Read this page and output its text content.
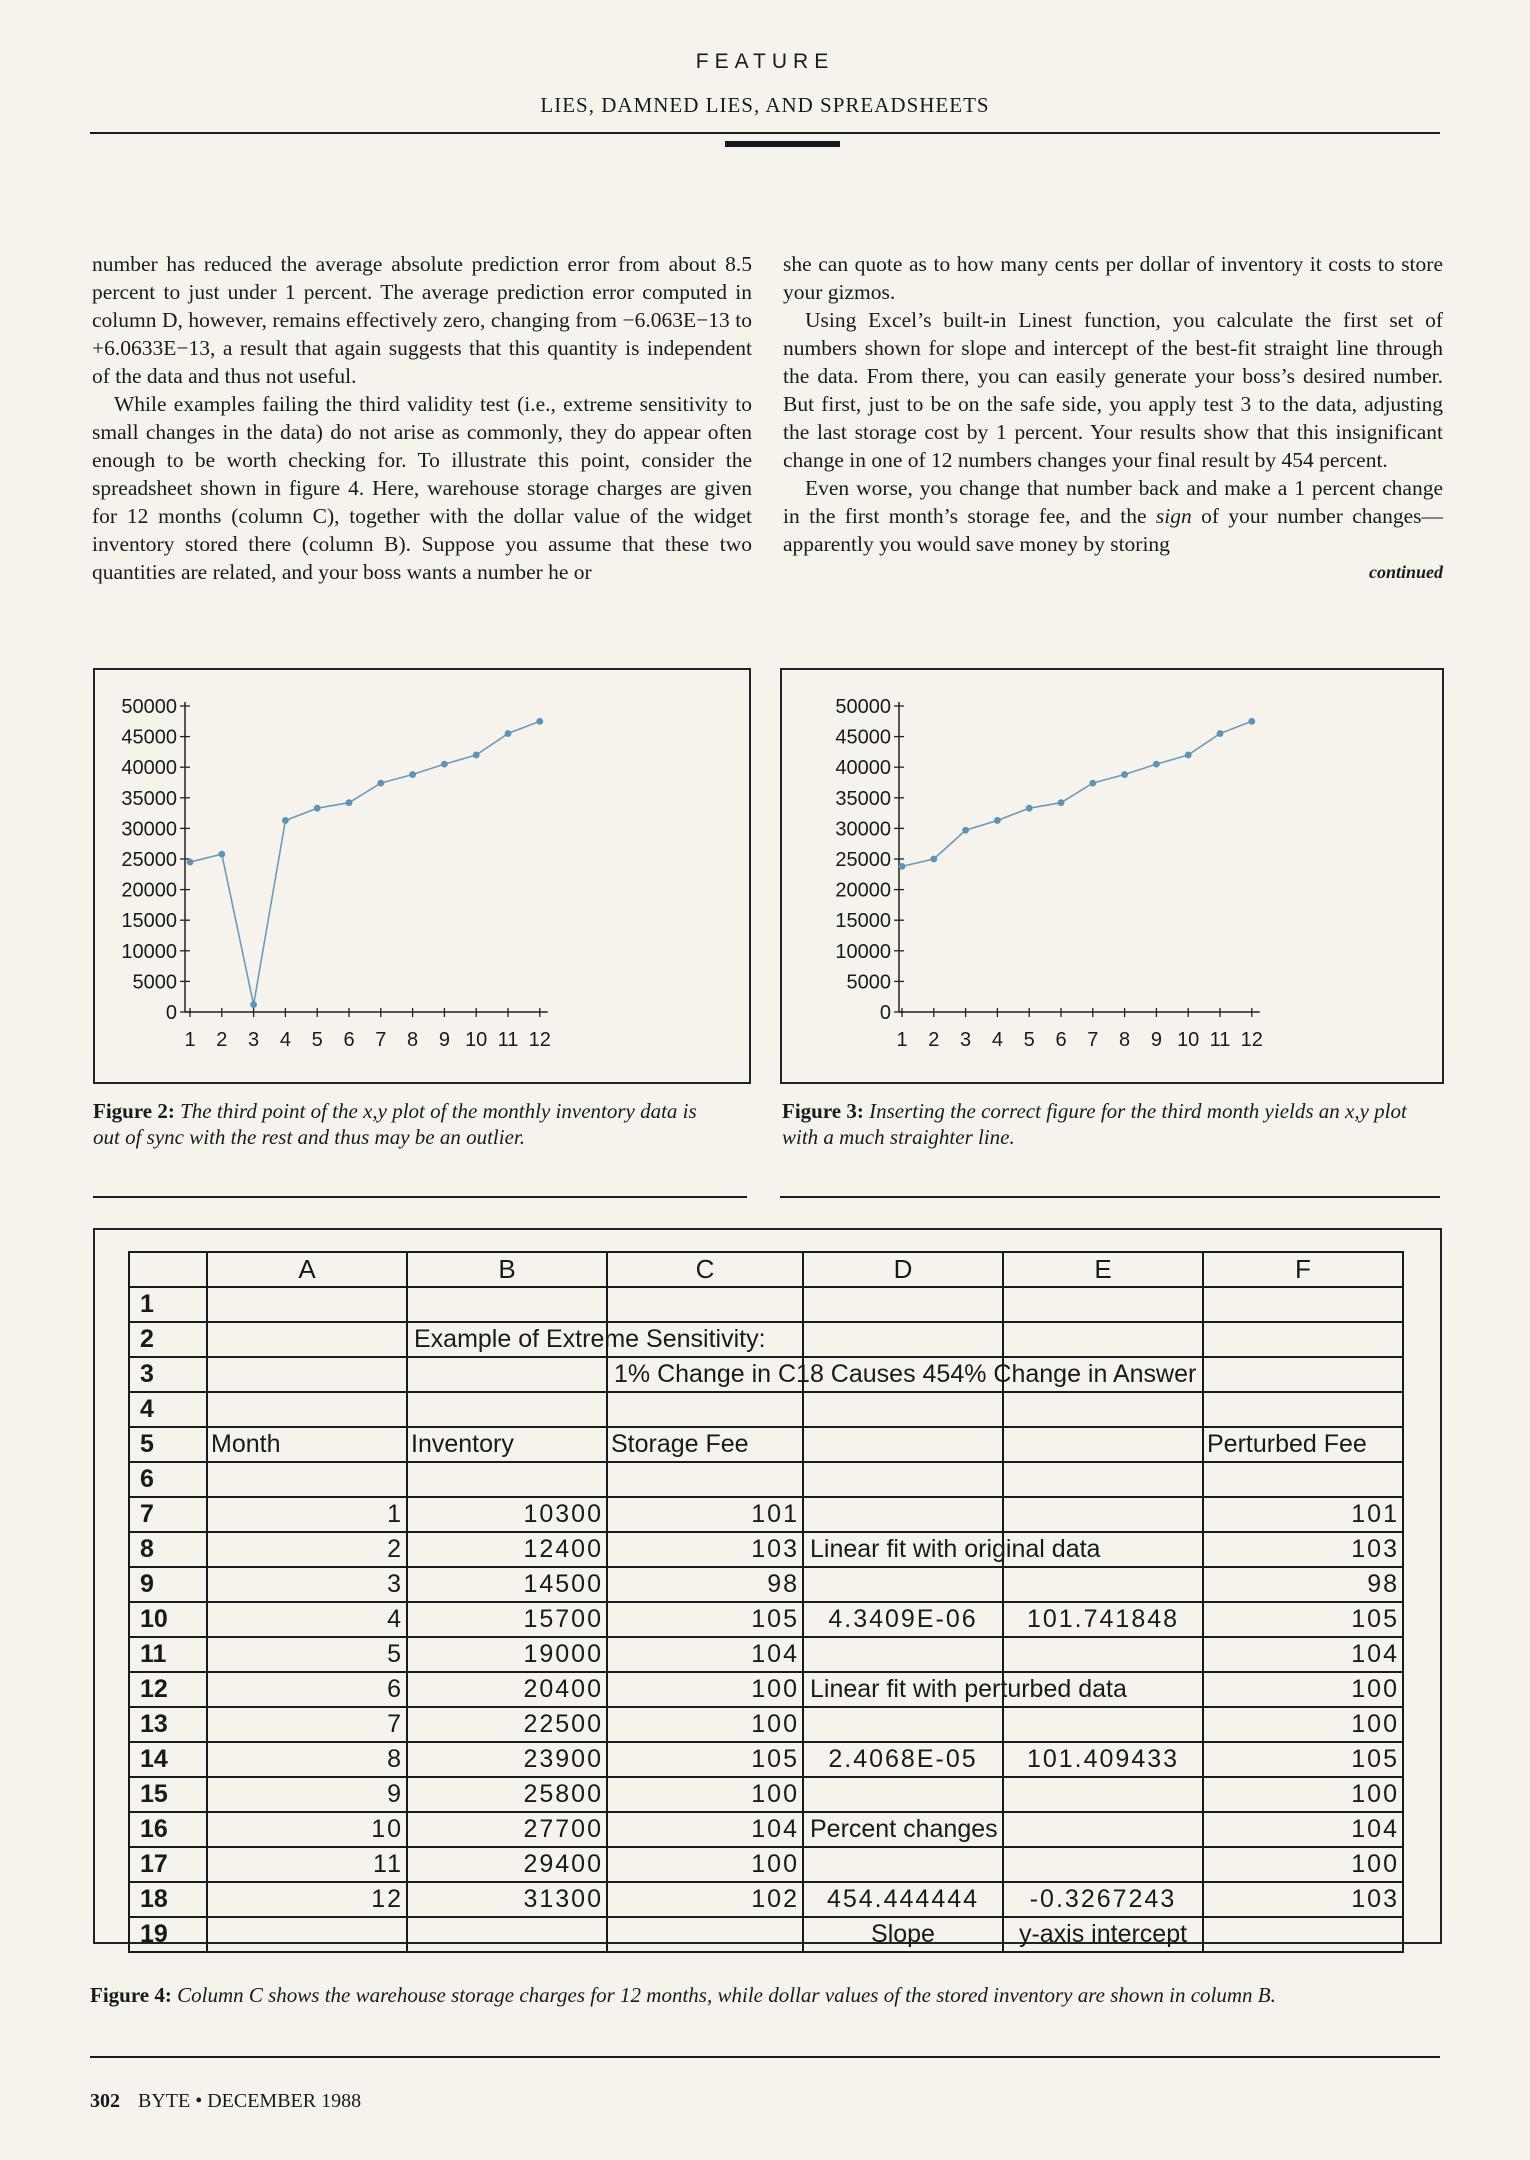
FEATURE
LIES, DAMNED LIES, AND SPREADSHEETS

number has reduced the average absolute prediction error from about 8.5 percent to just under 1 percent. The average prediction error computed in column D, however, remains effectively zero, changing from −6.063E−13 to +6.0633E−13, a result that again suggests that this quantity is independent of the data and thus not useful.

While examples failing the third validity test (i.e., extreme sensitivity to small changes in the data) do not arise as commonly, they do appear often enough to be worth checking for. To illustrate this point, consider the spreadsheet shown in figure 4. Here, warehouse storage charges are given for 12 months (column C), together with the dollar value of the widget inventory stored there (column B). Suppose you assume that these two quantities are related, and your boss wants a number he or

she can quote as to how many cents per dollar of inventory it costs to store your gizmos.

Using Excel’s built-in Linest function, you calculate the first set of numbers shown for slope and intercept of the best-fit straight line through the data. From there, you can easily generate your boss’s desired number. But first, just to be on the safe side, you apply test 3 to the data, adjusting the last storage cost by 1 percent. Your results show that this insignificant change in one of 12 numbers changes your final result by 454 percent.

Even worse, you change that number back and make a 1 percent change in the first month’s storage fee, and the sign of your number changes—apparently you would save money by storing

continued
50000
45000
40000
35000
30000
25000
20000
15000
10000
5000
0
1 2 3 4 5 6 7 8 9 10 11 12
50000
45000
40000
35000
30000
25000
20000
15000
10000
5000
0
1 2 3 4 5 6 7 8 9 10 11 12
Figure 2: The third point of the x,y plot of the monthly inventory data is out of sync with the rest and thus may be an outlier.
Figure 3: Inserting the correct figure for the third month yields an x,y plot with a much straighter line.
	A	B	C	D	E	F
1						
2		Example of Extreme Sensitivity:				

3			1% Change in C18 Causes 454% Change in Answer			

4						
5	Month	Inventory	Storage Fee			Perturbed Fee
6						
7	1	10300	101			101
8	2	12400	103	Linear fit with original data		103
9	3	14500	98			98
10	4	15700	105	4.3409E-06	101.741848	105
11	5	19000	104			104
12	6	20400	100	Linear fit with perturbed data		100
13	7	22500	100			100
14	8	23900	105	2.4068E-05	101.409433	105
15	9	25800	100			100
16	10	27700	104	Percent changes		104
17	11	29400	100			100
18	12	31300	102	454.444444	-0.3267243	103
19				Slope	y-axis intercept	
Figure 4: Column C shows the warehouse storage charges for 12 months, while dollar values of the stored inventory are shown in column B.
302 BYTE • DECEMBER 1988
